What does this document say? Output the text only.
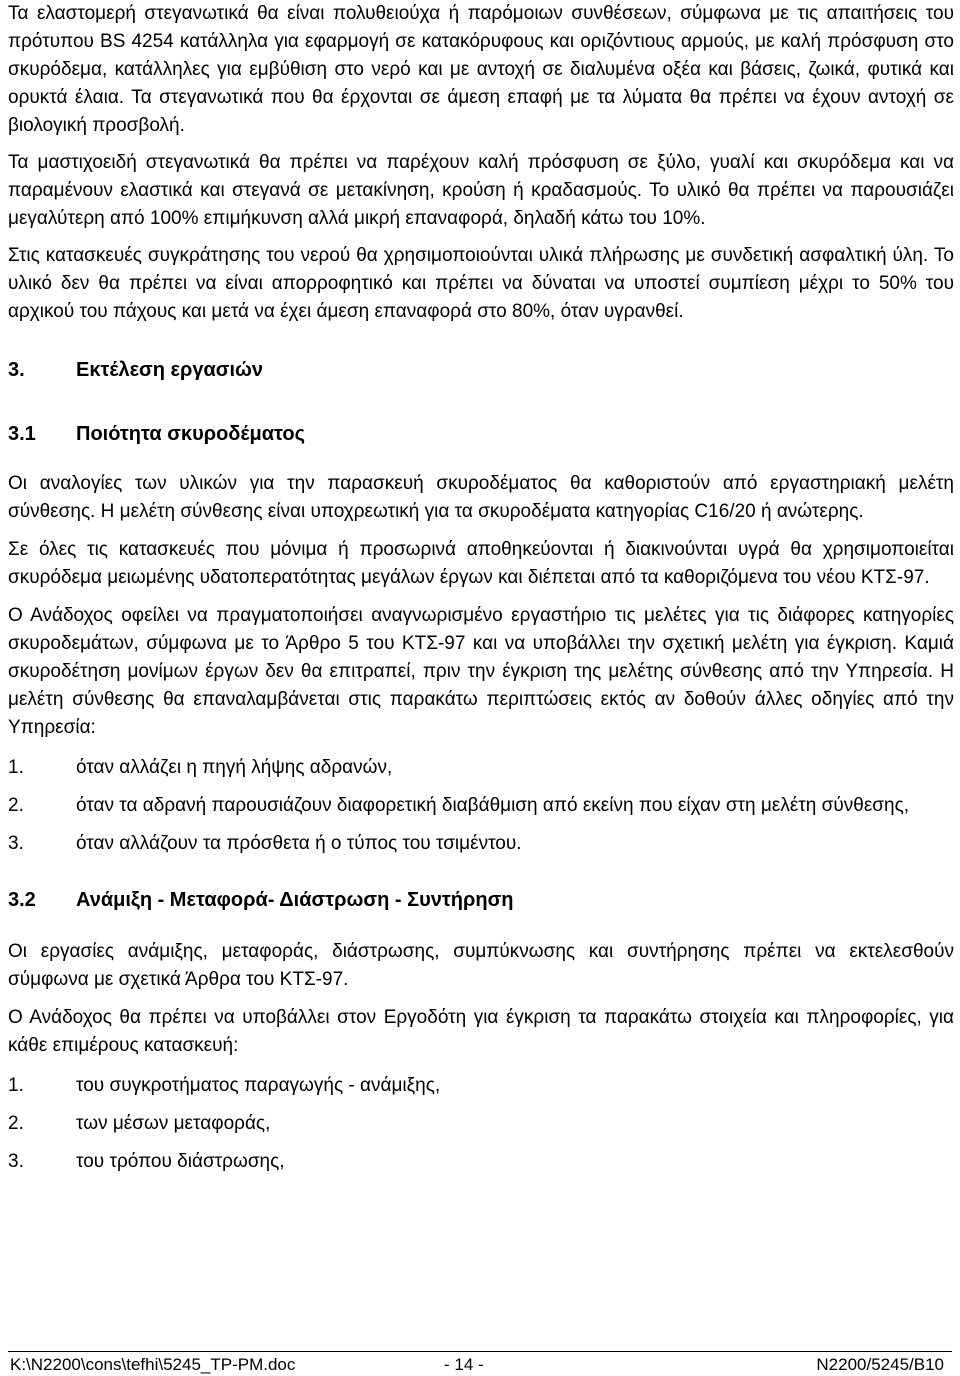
Τα ελαστομερή στεγανωτικά θα είναι πολυθειούχα ή παρόμοιων συνθέσεων, σύμφωνα με τις απαιτήσεις του πρότυπου BS 4254 κατάλληλα για εφαρμογή σε κατακόρυφους και οριζόντιους αρμούς, με καλή πρόσφυση στο σκυρόδεμα, κατάλληλες για εμβύθιση στο νερό και με αντοχή σε διαλυμένα οξέα και βάσεις, ζωικά, φυτικά και ορυκτά έλαια. Τα στεγανωτικά που θα έρχονται σε άμεση επαφή με τα λύματα θα πρέπει να έχουν αντοχή σε βιολογική προσβολή.

Τα μαστιχοειδή στεγανωτικά θα πρέπει να παρέχουν καλή πρόσφυση σε ξύλο, γυαλί και σκυρόδεμα και να παραμένουν ελαστικά και στεγανά σε μετακίνηση, κρούση ή κραδασμούς. Το υλικό θα πρέπει να παρουσιάζει μεγαλύτερη από 100% επιμήκυνση αλλά μικρή επαναφορά, δηλαδή κάτω του 10%.

Στις κατασκευές συγκράτησης του νερού θα χρησιμοποιούνται υλικά πλήρωσης με συνδετική ασφαλτική ύλη. Το υλικό δεν θα πρέπει να είναι απορροφητικό και πρέπει να δύναται να υποστεί συμπίεση μέχρι το 50% του αρχικού του πάχους και μετά να έχει άμεση επαναφορά στο 80%, όταν υγρανθεί.

3.	Εκτέλεση εργασιών
3.1	Ποιότητα σκυροδέματος

Οι αναλογίες των υλικών για την παρασκευή σκυροδέματος θα καθοριστούν από εργαστηριακή μελέτη σύνθεσης. Η μελέτη σύνθεσης είναι υποχρεωτική για τα σκυροδέματα κατηγορίας C16/20 ή ανώτερης.

Σε όλες τις κατασκευές που μόνιμα ή προσωρινά αποθηκεύονται ή διακινούνται υγρά θα χρησιμοποιείται σκυρόδεμα μειωμένης υδατοπερατότητας μεγάλων έργων και διέπεται από τα καθοριζόμενα του νέου ΚΤΣ-97.

Ο Ανάδοχος οφείλει να πραγματοποιήσει αναγνωρισμένο εργαστήριο τις μελέτες για τις διάφορες κατηγορίες σκυροδεμάτων, σύμφωνα με το Άρθρο 5 του ΚΤΣ-97 και να υποβάλλει την σχετική μελέτη για έγκριση. Καμιά σκυροδέτηση μονίμων έργων δεν θα επιτραπεί, πριν την έγκριση της μελέτης σύνθεσης από την Υπηρεσία. Η μελέτη σύνθεσης θα επαναλαμβάνεται στις παρακάτω περιπτώσεις εκτός αν δοθούν άλλες οδηγίες από την Υπηρεσία:

1.	όταν αλλάζει η πηγή λήψης αδρανών,
2.	όταν τα αδρανή παρουσιάζουν διαφορετική διαβάθμιση από εκείνη που είχαν στη μελέτη σύνθεσης,
3.	όταν αλλάζουν τα πρόσθετα ή ο τύπος του τσιμέντου.
3.2	Ανάμιξη - Μεταφορά- Διάστρωση - Συντήρηση

Οι εργασίες ανάμιξης, μεταφοράς, διάστρωσης, συμπύκνωσης και συντήρησης πρέπει να εκτελεσθούν σύμφωνα με σχετικά Άρθρα του ΚΤΣ-97.

Ο Ανάδοχος θα πρέπει να υποβάλλει στον Εργοδότη για έγκριση τα παρακάτω στοιχεία και πληροφορίες, για κάθε επιμέρους κατασκευή:

1.	του συγκροτήματος παραγωγής - ανάμιξης,
2.	των μέσων μεταφοράς,
3.	του τρόπου διάστρωσης,
K:\N2200\cons\tefhi\5245_TP-PM.doc	- 14 -	N2200/5245/B10
